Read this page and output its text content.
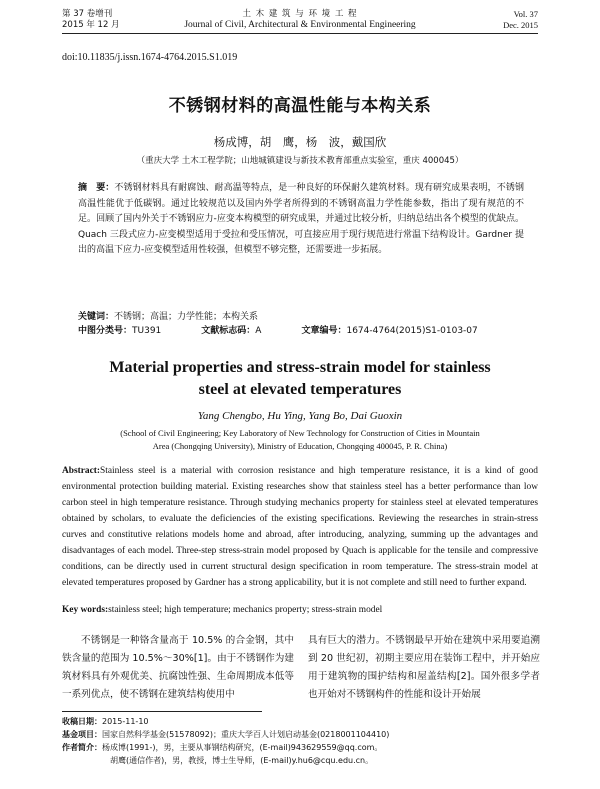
第 37 卷增刊
2015 年 12 月
土 木 建 筑 与 环 境 工 程
Journal of Civil, Architectural & Environmental Engineering
Vol. 37
Dec. 2015
doi:10.11835/j.issn.1674-4764.2015.S1.019
不锈钢材料的高温性能与本构关系
杨成博，胡　鹰，杨　波，戴国欣
（重庆大学 土木工程学院；山地城镇建设与新技术教育部重点实验室，重庆 400045）
摘　要：不锈钢材料具有耐腐蚀、耐高温等特点，是一种良好的环保耐久建筑材料。现有研究成果表明，不锈钢高温性能优于低碳钢。通过比较规范以及国内外学者所得到的不锈钢高温力学性能参数，指出了现有规范的不足。回顾了国内外关于不锈钢应力-应变本构模型的研究成果，并通过比较分析，归纳总结出各个模型的优缺点。Quach 三段式应力-应变模型适用于受拉和受压情况，可直接应用于现行规范进行常温下结构设计。Gardner 提出的高温下应力-应变模型适用性较强，但模型不够完整，还需要进一步拓展。
关键词：不锈钢；高温；力学性能；本构关系
中图分类号：TU391	文献标志码：A	文章编号：1674-4764(2015)S1-0103-07
Material properties and stress-strain model for stainless
steel at elevated temperatures
Yang Chengbo, Hu Ying, Yang Bo, Dai Guoxin
(School of Civil Engineering; Key Laboratory of New Technology for Construction of Cities in Mountain
Area (Chongqing University), Ministry of Education, Chongqing 400045, P. R. China)
Abstract:Stainless steel is a material with corrosion resistance and high temperature resistance, it is a kind of good environmental protection building material. Existing researches show that stainless steel has a better performance than low carbon steel in high temperature resistance. Through studying mechanics property for stainless steel at elevated temperatures obtained by scholars, to evaluate the deficiencies of the existing specifications. Reviewing the researches in strain-stress curves and constitutive relations models home and abroad, after introducing, analyzing, summing up the advantages and disadvantages of each model. Three-step stress-strain model proposed by Quach is applicable for the tensile and compressive conditions, can be directly used in current structural design specification in room temperature. The stress-strain model at elevated temperatures proposed by Gardner has a strong applicability, but it is not complete and still need to further expand.
Key words:stainless steel; high temperature; mechanics property; stress-strain model
不锈钢是一种铬含量高于 10.5% 的合金钢，其中铁含量的范围为 10.5%～30%[1]。由于不锈钢作为建筑材料具有外观优美、抗腐蚀性强、生命周期成本低等一系列优点，使不锈钢在建筑结构使用中
具有巨大的潜力。不锈钢最早开始在建筑中采用要追溯到 20 世纪初，初期主要应用在装饰工程中，并开始应用于建筑物的围护结构和屋盖结构[2]。国外很多学者也开始对不锈钢构件的性能和设计开始展
收稿日期：2015-11-10
基金项目：国家自然科学基金(51578092)；重庆大学百人计划启动基金(0218001104410)
作者简介：杨成博(1991-)，男，主要从事钢结构研究，(E-mail)943629559@qq.com。
胡鹰(通信作者)，男，教授，博士生导师，(E-mail)y.hu6@cqu.edu.cn。
